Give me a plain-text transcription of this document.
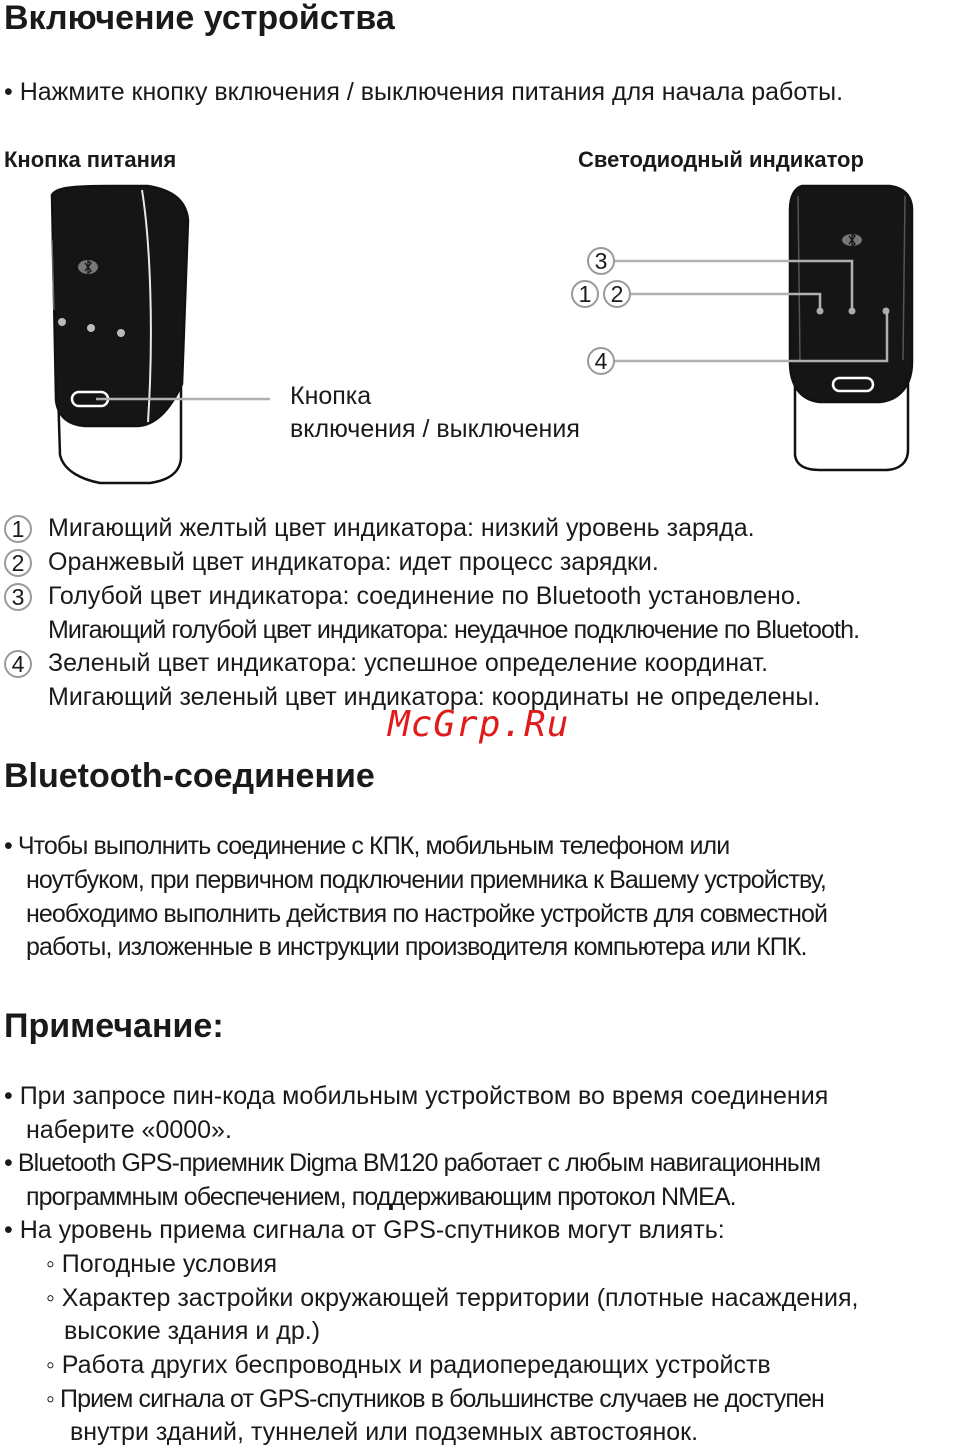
Включение устройства
• Нажмите кнопку включения / выключения питания для начала работы.
Кнопка питания	Светодиодный индикатор
Кнопка
включения / выключения
3
1 2
4
1 Мигающий желтый цвет индикатора: низкий уровень заряда.
2 Оранжевый цвет индикатора: идет процесс зарядки.
3 Голубой цвет индикатора: соединение по Bluetooth установлено.
Мигающий голубой цвет индикатора: неудачное подключение по Bluetooth.
4 Зеленый цвет индикатора: успешное определение координат.
Мигающий зеленый цвет индикатора: координаты не определены.
McGrp.Ru
Bluetooth-соединение
• Чтобы выполнить соединение с КПК, мобильным телефоном или
ноутбуком, при первичном подключении приемника к Вашему устройству,
необходимо выполнить действия по настройке устройств для совместной
работы, изложенные в инструкции производителя компьютера или КПК.
Примечание:
• При запросе пин-кода мобильным устройством во время соединения
наберите «0000».
• Bluetooth GPS-приемник Digma BM120 работает с любым навигационным
программным обеспечением, поддерживающим протокол NMEA.
• На уровень приема сигнала от GPS-спутников могут влиять:
◦ Погодные условия
◦ Характер застройки окружающей территории (плотные насаждения,
высокие здания и др.)
◦ Работа других беспроводных и радиопередающих устройств
◦ Прием сигнала от GPS-спутников в большинстве случаев не доступен
внутри зданий, туннелей или подземных автостоянок.
